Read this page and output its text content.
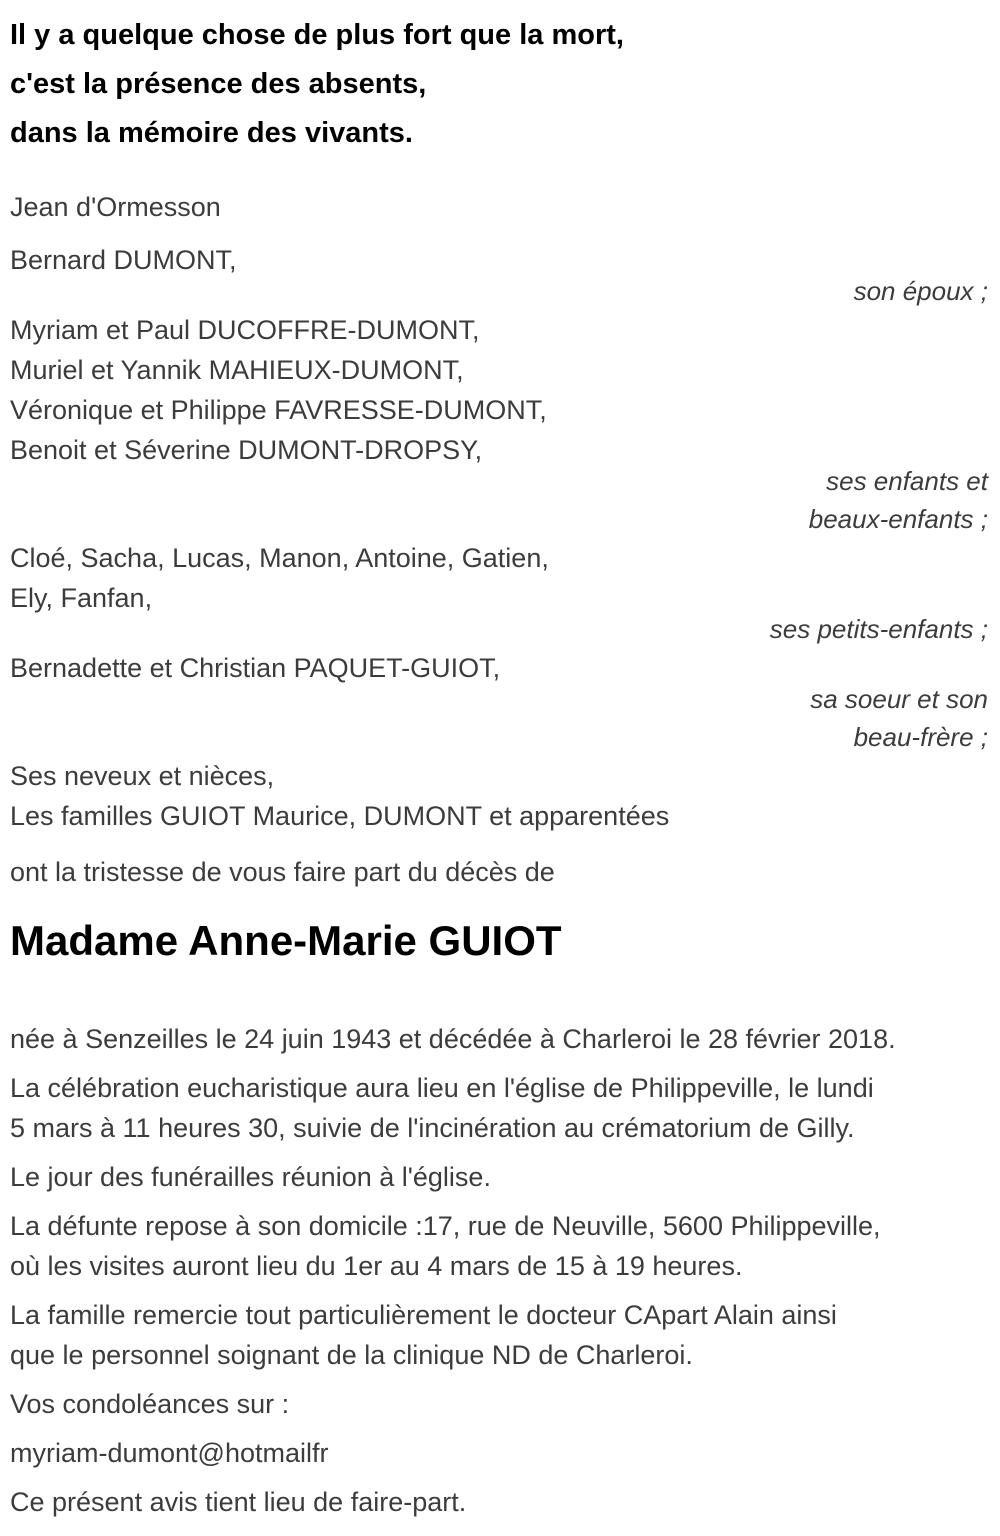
Il y a quelque chose de plus fort que la mort,
c'est la présence des absents,
dans la mémoire des vivants.
Jean d'Ormesson
Bernard DUMONT,
son époux ;
Myriam et Paul DUCOFFRE-DUMONT,
Muriel et Yannik MAHIEUX-DUMONT,
Véronique et Philippe FAVRESSE-DUMONT,
Benoit et Séverine DUMONT-DROPSY,
ses enfants et
beaux-enfants ;
Cloé, Sacha, Lucas, Manon, Antoine, Gatien,
Ely, Fanfan,
ses petits-enfants ;
Bernadette et Christian PAQUET-GUIOT,
sa soeur et son
beau-frère ;
Ses neveux et nièces,
Les familles GUIOT Maurice, DUMONT et apparentées
ont la tristesse de vous faire part du décès de
Madame Anne-Marie GUIOT
née à Senzeilles le 24 juin 1943 et décédée à Charleroi le 28 février 2018.
La célébration eucharistique aura lieu en l'église de Philippeville, le lundi
5 mars à 11 heures 30, suivie de l'incinération au crématorium de Gilly.
Le jour des funérailles réunion à l'église.
La défunte repose à son domicile :17, rue de Neuville, 5600 Philippeville,
où les visites auront lieu du 1er au 4 mars de 15 à 19 heures.
La famille remercie tout particulièrement le docteur CApart Alain ainsi
que le personnel soignant de la clinique ND de Charleroi.
Vos condoléances sur :
myriam-dumont@hotmailfr
Ce présent avis tient lieu de faire-part.
